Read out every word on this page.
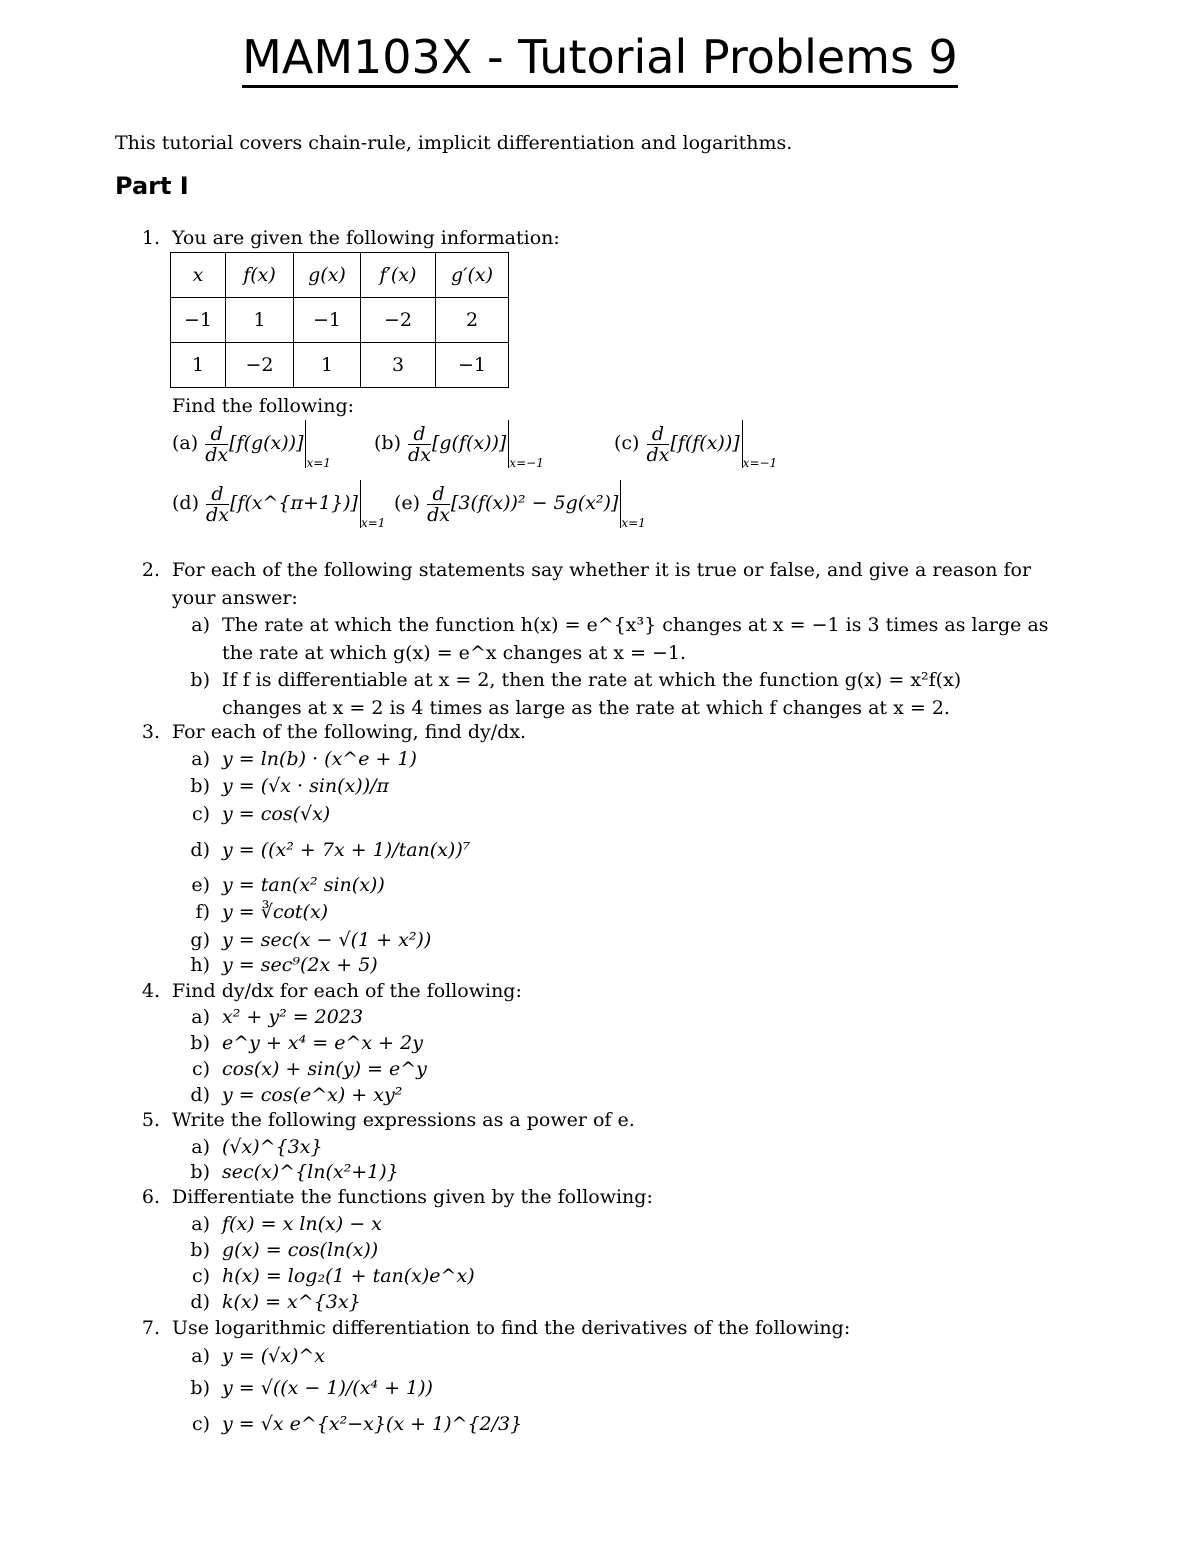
MAM103X - Tutorial Problems 9
This tutorial covers chain-rule, implicit differentiation and logarithms.
Part I
1. You are given the following information:
x	f(x)	g(x)	f′(x)	g′(x)
−1	1	−1	−2	2
1	−2	1	3	−1
Find the following:
$(a) \frac{d}{dx} [f(g(x))]_{x=1}$
$(b) \frac{d}{dx} [g(f(x))]_{x=-1}$
$(c) \frac{d}{dx} [f(f(x))]_{x=-1}$
$(d) \frac{d}{dx}$ $[f(x\^{}\{\pi+1\})]_{x=1}$
$(e) \frac{d}{dx} [3(f(x))^2 - 5g(x^2)]_{x=1}$
2. For each of the following statements say whether it is true or false, and give a reason for
your answer:
a) The rate at which the function h(x) = e^{x³} changes at x = −1 is 3 times as large as
the rate at which g(x) = e^x changes at x = −1.
b) If f is differentiable at x = 2, then the rate at which the function g(x) = x²f(x)
changes at x = 2 is 4 times as large as the rate at which f changes at x = 2.
3. For each of the following, find dy/dx.
a) y = ln(b) · (x^e + 1)
b) y = (√x · sin(x))/π
c) y = cos(√x)
d) y = ((x² + 7x + 1)/tan(x))⁷
e) y = tan(x² sin(x))
f) y = ∛cot(x)
g) y = sec(x − √(1 + x²))
h) y = sec⁹(2x + 5)
4. Find dy/dx for each of the following:
a) x² + y² = 2023
b) e^y + x⁴ = e^x + 2y
c) cos(x) + sin(y) = e^y
d) y = cos(e^x) + xy²
5. Write the following expressions as a power of e.
a) (√x)^{3x}
b) sec(x)^{ln(x²+1)}
6. Differentiate the functions given by the following:
a) f(x) = x ln(x) − x
b) g(x) = cos(ln(x))
c) h(x) = log₂(1 + tan(x)e^x)
d) k(x) = x^{3x}
7. Use logarithmic differentiation to find the derivatives of the following:
a) y = (√x)^x
b) y = √((x − 1)/(x⁴ + 1))
c) y = √x e^{x²−x}(x + 1)^{2/3}
